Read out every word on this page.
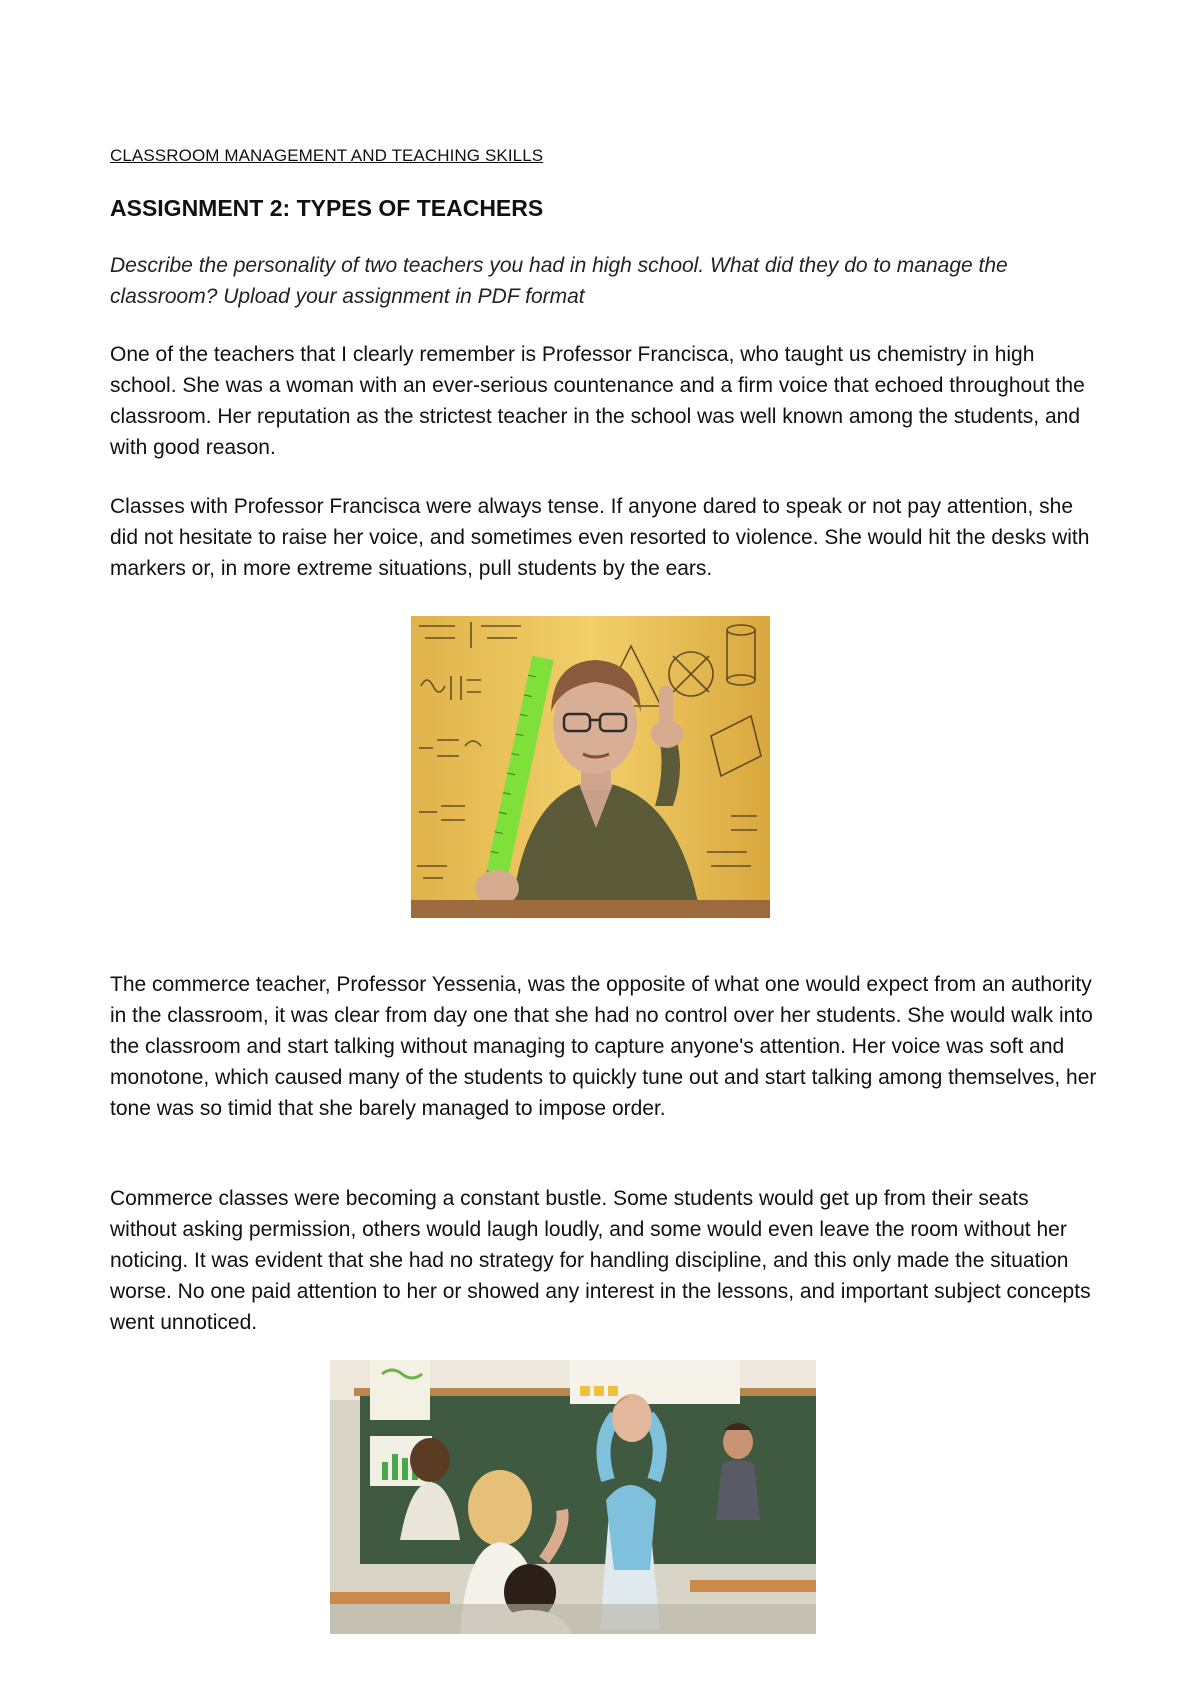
CLASSROOM MANAGEMENT AND TEACHING SKILLS
ASSIGNMENT 2: TYPES OF TEACHERS
Describe the personality of two teachers you had in high school. What did they do to manage the classroom? Upload your assignment in PDF format
One of the teachers that I clearly remember is Professor Francisca, who taught us chemistry in high school. She was a woman with an ever-serious countenance and a firm voice that echoed throughout the classroom. Her reputation as the strictest teacher in the school was well known among the students, and with good reason.
Classes with Professor Francisca were always tense. If anyone dared to speak or not pay attention, she did not hesitate to raise her voice, and sometimes even resorted to violence. She would hit the desks with markers or, in more extreme situations, pull students by the ears.
The commerce teacher, Professor Yessenia, was the opposite of what one would expect from an authority in the classroom, it was clear from day one that she had no control over her students. She would walk into the classroom and start talking without managing to capture anyone's attention. Her voice was soft and monotone, which caused many of the students to quickly tune out and start talking among themselves, her tone was so timid that she barely managed to impose order.
Commerce classes were becoming a constant bustle. Some students would get up from their seats without asking permission, others would laugh loudly, and some would even leave the room without her noticing. It was evident that she had no strategy for handling discipline, and this only made the situation worse. No one paid attention to her or showed any interest in the lessons, and important subject concepts went unnoticed.
